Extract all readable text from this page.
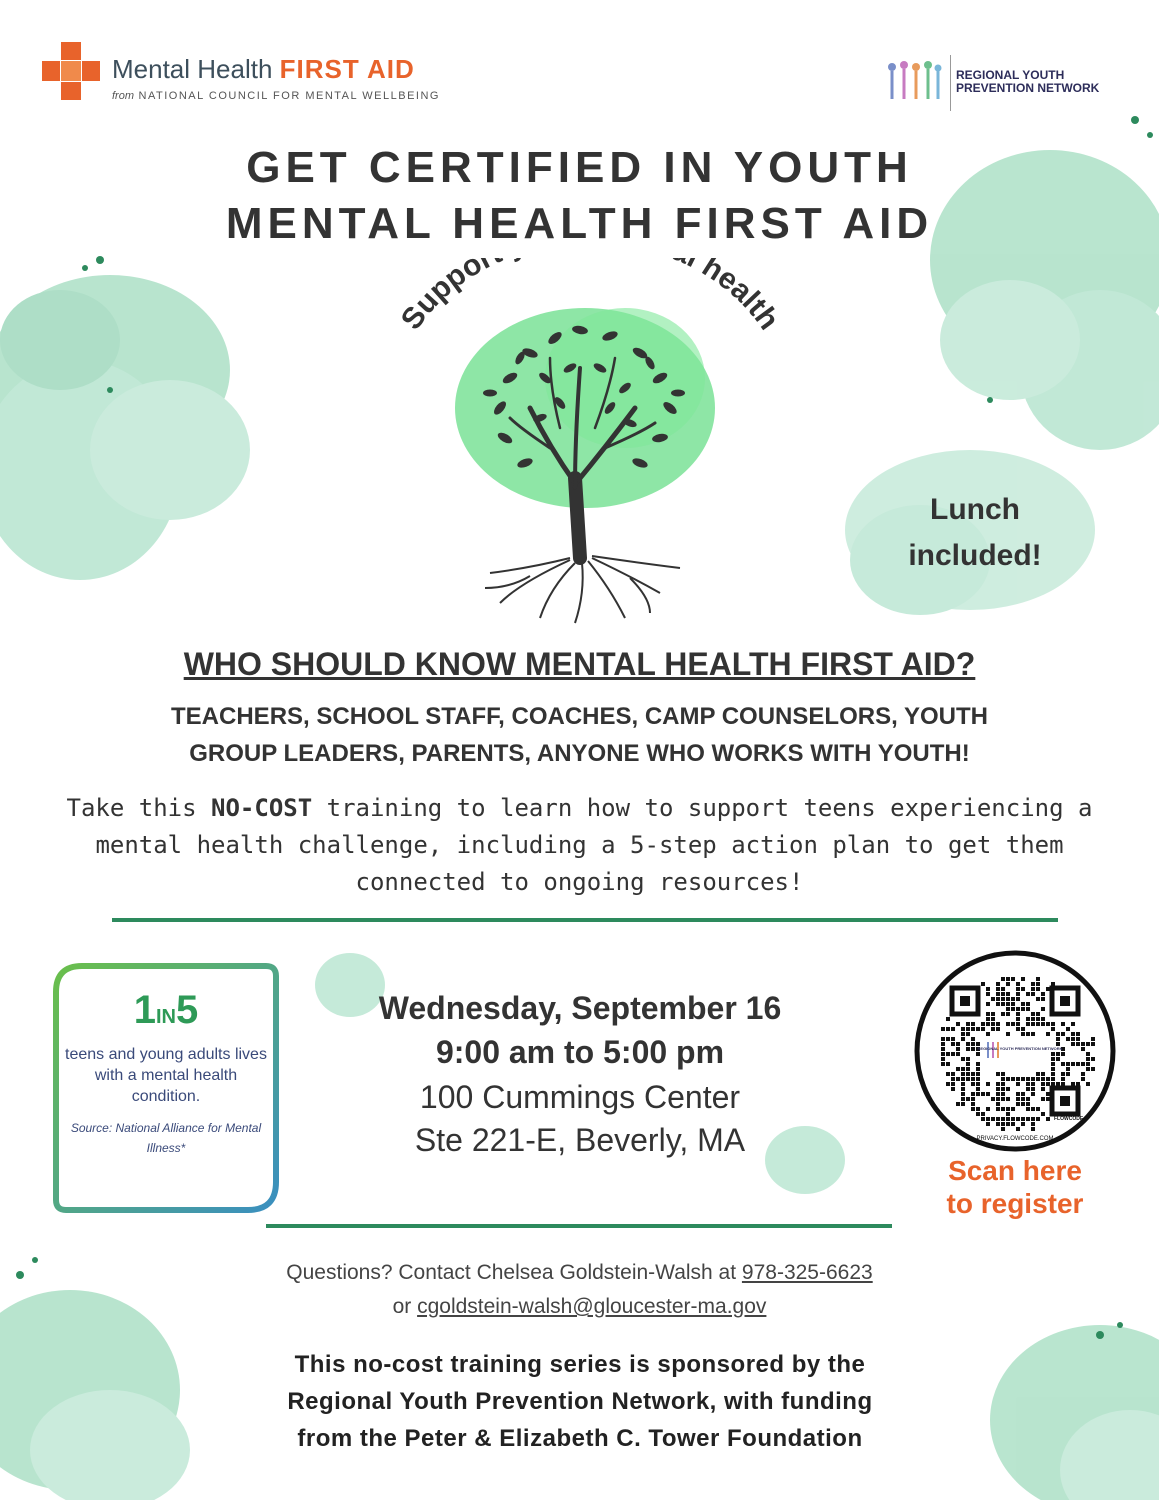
Mental Health FIRST AID
from NATIONAL COUNCIL FOR MENTAL WELLBEING
REGIONAL YOUTH
PREVENTION NETWORK
GET CERTIFIED IN YOUTH
MENTAL HEALTH FIRST AID
Suppor health
Lunch
included!
WHO SHOULD KNOW MENTAL HEALTH FIRST AID?
TEACHERS, SCHOOL STAFF, COACHES, CAMP COUNSELORS, YOUTH
GROUP LEADERS, PARENTS, ANYONE WHO WORKS WITH YOUTH!
Take this NO-COST training to learn how to support teens experiencing a mental health challenge, including a 5-step action plan to get them connected to ongoing resources!
1IN5
teens and young adults lives with a mental health condition.
Source: National Alliance for Mental Illness*
Wednesday, September 16
9:00 am to 5:00 pm
100 Cummings Center
Ste 221-E, Beverly, MA
REGIONAL YOUTH PREVENTION NETWORK
FLOWCODE
PRIVACY.FLOWCODE.COM
Scan here
to register
Questions? Contact Chelsea Goldstein-Walsh at 978-325-6623
or cgoldstein-walsh@gloucester-ma.gov
This no-cost training series is sponsored by the
Regional Youth Prevention Network, with funding
from the Peter & Elizabeth C. Tower Foundation
